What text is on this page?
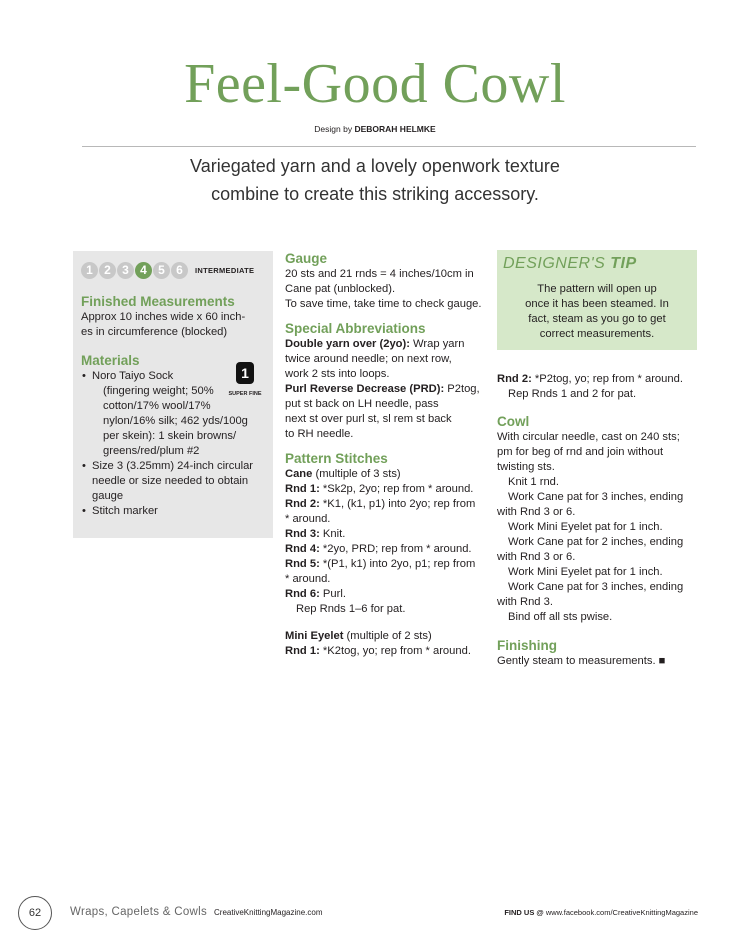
Feel-Good Cowl
Design by DEBORAH HELMKE
Variegated yarn and a lovely openwork texture
combine to create this striking accessory.
1 2 3 4 5 6	INTERMEDIATE

Finished Measurements

Approx 10 inches wide x 60 inch-

es in circumference (blocked)

Materials

• Noro Taiyo Sock

(fingering weight; 50%

cotton/17% wool/17%

nylon/16% silk; 462 yds/100g

per skein): 1 skein browns/

greens/red/plum #2

• Size 3 (3.25mm) 24-inch circular

needle or size needed to obtain

gauge

• Stitch marker

1
SUPER FINE

Gauge

20 sts and 21 rnds = 4 inches/10cm in

Cane pat (unblocked).

To save time, take time to check gauge.

Special Abbreviations

Double yarn over (2yo): Wrap yarn

twice around needle; on next row,

work 2 sts into loops.

Purl Reverse Decrease (PRD): P2tog,

put st back on LH needle, pass

next st over purl st, sl rem st back

to RH needle.

Pattern Stitches

Cane (multiple of 3 sts)

Rnd 1: *Sk2p, 2yo; rep from * around.

Rnd 2: *K1, (k1, p1) into 2yo; rep from

* around.

Rnd 3: Knit.

Rnd 4: *2yo, PRD; rep from * around.

Rnd 5: *(P1, k1) into 2yo, p1; rep from

* around.

Rnd 6: Purl.

Rep Rnds 1–6 for pat.

Mini Eyelet (multiple of 2 sts)

Rnd 1: *K2tog, yo; rep from * around.

DESIGNER'S TIP

The pattern will open up

once it has been steamed. In

fact, steam as you go to get

correct measurements.

Rnd 2: *P2tog, yo; rep from * around.

Rep Rnds 1 and 2 for pat.

Cowl

With circular needle, cast on 240 sts;

pm for beg of rnd and join without

twisting sts.

Knit 1 rnd.

Work Cane pat for 3 inches, ending

with Rnd 3 or 6.

Work Mini Eyelet pat for 1 inch.

Work Cane pat for 2 inches, ending

with Rnd 3 or 6.

Work Mini Eyelet pat for 1 inch.

Work Cane pat for 3 inches, ending

with Rnd 3.

Bind off all sts pwise.

Finishing

Gently steam to measurements. ■

62	Wraps, Capelets & Cowls CreativeKnittingMagazine.com	FIND US @ www.facebook.com/CreativeKnittingMagazine
